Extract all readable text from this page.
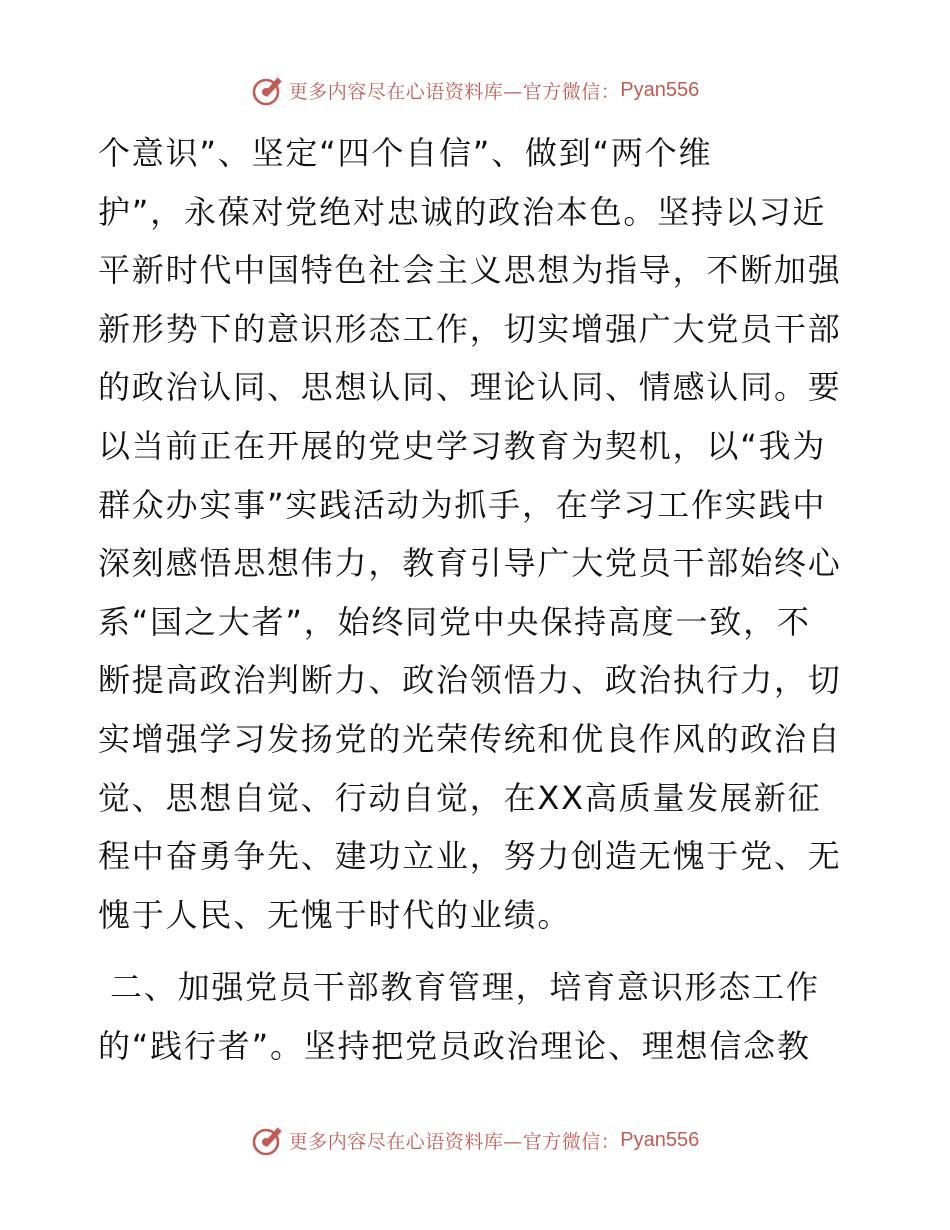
更多内容尽在心语资料库—官方微信： Pyan556
个意识”、坚定“四个自信”、做到“两个维
护”，永葆对党绝对忠诚的政治本色。坚持以习近
平新时代中国特色社会主义思想为指导，不断加强
新形势下的意识形态工作，切实增强广大党员干部
的政治认同、思想认同、理论认同、情感认同。要
以当前正在开展的党史学习教育为契机，以“我为
群众办实事”实践活动为抓手，在学习工作实践中
深刻感悟思想伟力，教育引导广大党员干部始终心
系“国之大者”，始终同党中央保持高度一致，不
断提高政治判断力、政治领悟力、政治执行力，切
实增强学习发扬党的光荣传统和优良作风的政治自
觉、思想自觉、行动自觉，在XX高质量发展新征
程中奋勇争先、建功立业，努力创造无愧于党、无
愧于人民、无愧于时代的业绩。
二、加强党员干部教育管理，培育意识形态工作
的“践行者”。坚持把党员政治理论、理想信念教
更多内容尽在心语资料库—官方微信： Pyan556
